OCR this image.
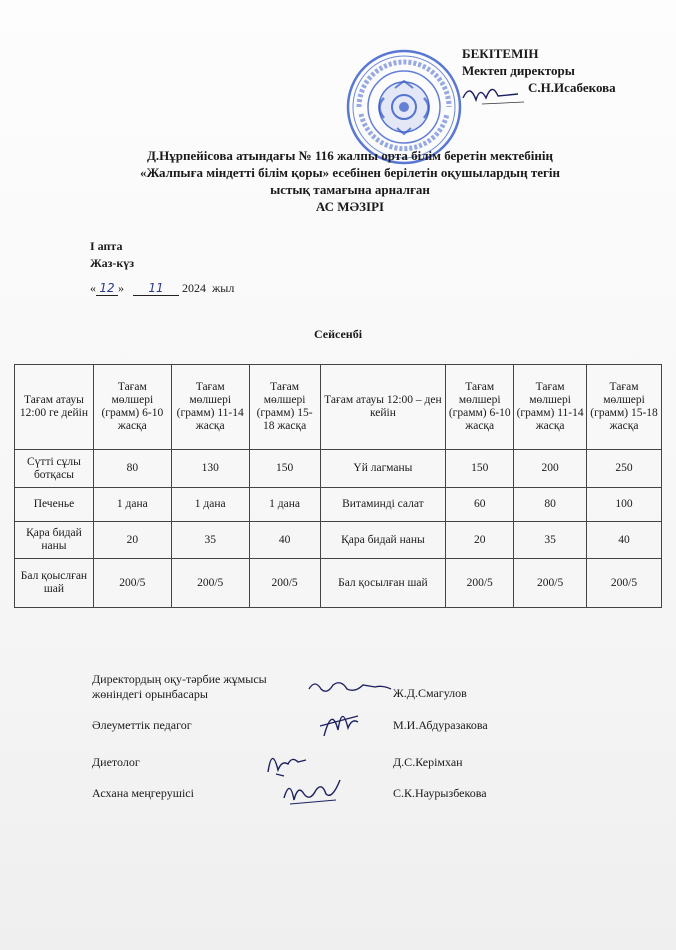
БЕКІТЕМІН
Мектеп директоры
С.Н.Исабекова
Д.Нұрпейісова атындағы № 116 жалпы орта білім беретін мектебінің
«Жалпыға міндетті білім қоры» есебінен берілетін оқушылардың тегін
ыстық тамағына арналған
АС МӘЗІРІ
І апта
Жаз-күз
« 12 » 11 2024 жыл
Сейсенбі
Тағам атауы 12:00 ге дейін	Тағам мөлшері (грамм) 6-10 жасқа	Тағам мөлшері (грамм) 11-14 жасқа	Тағам мөлшері (грамм) 15-18 жасқа	Тағам атауы 12:00 – ден кейін	Тағам мөлшері (грамм) 6-10 жасқа	Тағам мөлшері (грамм) 11-14 жасқа	Тағам мөлшері (грамм) 15-18 жасқа
Сүтті сұлы ботқасы	80	130	150	Үй лагманы	150	200	250
Печенье	1 дана	1 дана	1 дана	Витаминді салат	60	80	100
Қара бидай наны	20	35	40	Қара бидай наны	20	35	40
Бал қоыслған шай	200/5	200/5	200/5	Бал қосылған шай	200/5	200/5	200/5
Директордың оқу-тәрбие жұмысы
жөніндегі орынбасары	Ж.Д.Смагулов
Әлеуметтік педагог	М.И.Абдуразакова
Диетолог	Д.С.Керімхан
Асхана меңгерушісі	С.К.Наурызбекова
